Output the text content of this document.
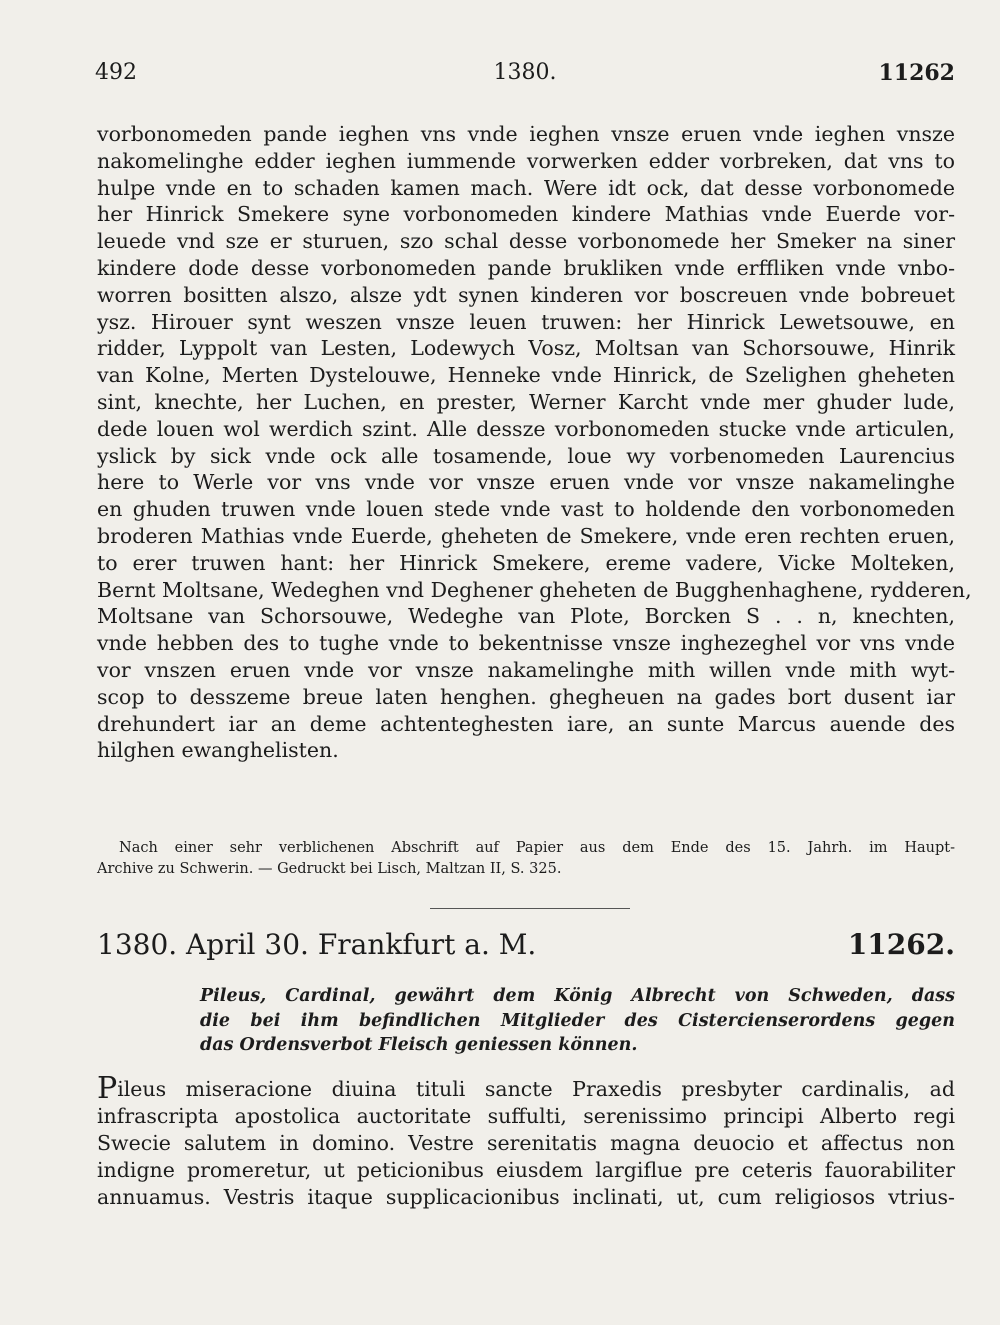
492	1380.	11262
vorbonomeden pande ieghen vns vnde ieghen vnsze eruen vnde ieghen vnsze
nakomelinghe edder ieghen iummende vorwerken edder vorbreken, dat vns to
hulpe vnde en to schaden kamen mach. Were idt ock, dat desse vorbonomede
her Hinrick Smekere syne vorbonomeden kindere Mathias vnde Euerde vor-
leuede vnd sze er sturuen, szo schal desse vorbonomede her Smeker na siner
kindere dode desse vorbonomeden pande brukliken vnde erffliken vnde vnbo-
worren bositten alszo, alsze ydt synen kinderen vor boscreuen vnde bobreuet
ysz. Hirouer synt weszen vnsze leuen truwen: her Hinrick Lewetsouwe, en
ridder, Lyppolt van Lesten, Lodewych Vosz, Moltsan van Schorsouwe, Hinrik
van Kolne, Merten Dystelouwe, Henneke vnde Hinrick, de Szelighen gheheten
sint, knechte, her Luchen, en prester, Werner Karcht vnde mer ghuder lude,
dede louen wol werdich szint. Alle dessze vorbonomeden stucke vnde articulen,
yslick by sick vnde ock alle tosamende, loue wy vorbenomeden Laurencius
here to Werle vor vns vnde vor vnsze eruen vnde vor vnsze nakamelinghe
en ghuden truwen vnde louen stede vnde vast to holdende den vorbonomeden
broderen Mathias vnde Euerde, gheheten de Smekere, vnde eren rechten eruen,
to erer truwen hant: her Hinrick Smekere, ereme vadere, Vicke Molteken,
Bernt Moltsane, Wedeghen vnd Deghener gheheten de Bugghenhaghene, rydderen,
Moltsane van Schorsouwe, Wedeghe van Plote, Borcken S . . n, knechten,
vnde hebben des to tughe vnde to bekentnisse vnsze inghezeghel vor vns vnde
vor vnszen eruen vnde vor vnsze nakamelinghe mith willen vnde mith wyt-
scop to desszeme breue laten henghen. ghegheuen na gades bort dusent iar
drehundert iar an deme achtenteghesten iare, an sunte Marcus auende des
hilghen ewanghelisten.
Nach einer sehr verblichenen Abschrift auf Papier aus dem Ende des 15. Jahrh. im Haupt-
Archive zu Schwerin. — Gedruckt bei Lisch, Maltzan II, S. 325.
1380. April 30. Frankfurt a. M.	11262.
Pileus, Cardinal, gewährt dem König Albrecht von Schweden, dass
die bei ihm befindlichen Mitglieder des Cistercienserordens gegen
das Ordensverbot Fleisch geniessen können.
Pileus miseracione diuina tituli sancte Praxedis presbyter cardinalis, ad
infrascripta apostolica auctoritate suffulti, serenissimo principi Alberto regi
Swecie salutem in domino. Vestre serenitatis magna deuocio et affectus non
indigne promeretur, ut peticionibus eiusdem largiflue pre ceteris fauorabiliter
annuamus. Vestris itaque supplicacionibus inclinati, ut, cum religiosos vtrius-
